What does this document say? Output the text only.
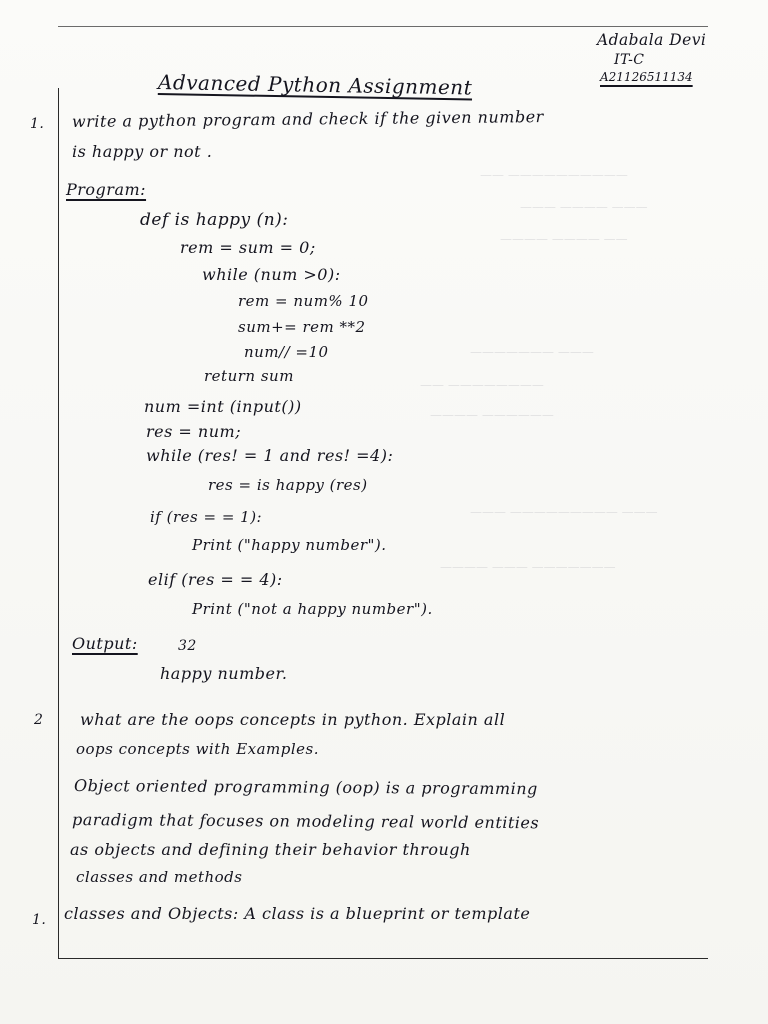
—————————— ——
——— ———— ———
—— ———— ————
——— ———————
———————— ——
—————— ————
——— ————————— ———
——————— ——— ————
Adabala Devi
IT-C
A21126511134
Advanced Python Assignment
1. write a python program and check if the given number
is happy or not .
Program:
def is happy (n):
rem = sum = 0;
while (num >0):
rem = num% 10
sum+= rem **2
num// =10
return sum
num =int (input())
res = num;
while (res! = 1 and res! =4):
res = is happy (res)
if (res = = 1):
Print ("happy number").
elif (res = = 4):
Print ("not a happy number").
Output:	32
happy number.
2 what are the oops concepts in python. Explain all
oops concepts with Examples.
Object oriented programming (oop) is a programming
paradigm that focuses on modeling real world entities
as objects and defining their behavior through
classes and methods
1. classes and Objects: A class is a blueprint or template
